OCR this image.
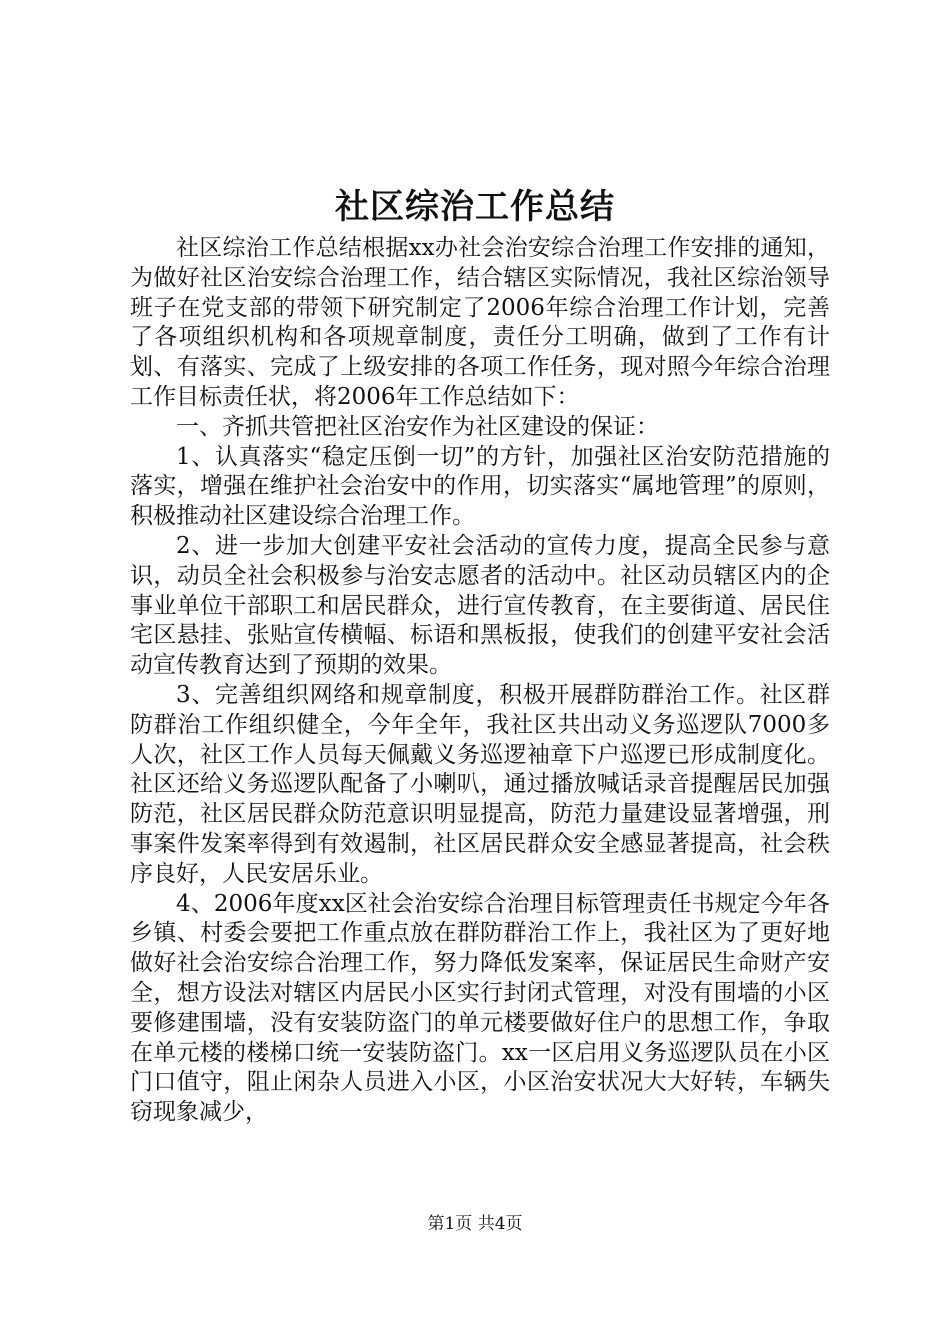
社区综治工作总结

社区综治工作总结根据xx办社会治安综合治理工作安排的通知，为做好社区治安综合治理工作，结合辖区实际情况，我社区综治领导班子在党支部的带领下研究制定了2006年综合治理工作计划，完善了各项组织机构和各项规章制度，责任分工明确，做到了工作有计划、有落实、完成了上级安排的各项工作任务，现对照今年综合治理工作目标责任状，将2006年工作总结如下：

一、齐抓共管把社区治安作为社区建设的保证：

1、认真落实“稳定压倒一切”的方针，加强社区治安防范措施的落实，增强在维护社会治安中的作用，切实落实“属地管理”的原则，积极推动社区建设综合治理工作。

2、进一步加大创建平安社会活动的宣传力度，提高全民参与意识，动员全社会积极参与治安志愿者的活动中。社区动员辖区内的企事业单位干部职工和居民群众，进行宣传教育，在主要街道、居民住宅区悬挂、张贴宣传横幅、标语和黑板报，使我们的创建平安社会活动宣传教育达到了预期的效果。

3、完善组织网络和规章制度，积极开展群防群治工作。社区群防群治工作组织健全，今年全年，我社区共出动义务巡逻队7000多人次，社区工作人员每天佩戴义务巡逻袖章下户巡逻已形成制度化。社区还给义务巡逻队配备了小喇叭，通过播放喊话录音提醒居民加强防范，社区居民群众防范意识明显提高，防范力量建设显著增强，刑事案件发案率得到有效遏制，社区居民群众安全感显著提高，社会秩序良好，人民安居乐业。

4、2006年度xx区社会治安综合治理目标管理责任书规定今年各乡镇、村委会要把工作重点放在群防群治工作上，我社区为了更好地做好社会治安综合治理工作，努力降低发案率，保证居民生命财产安全，想方设法对辖区内居民小区实行封闭式管理，对没有围墙的小区要修建围墙，没有安装防盗门的单元楼要做好住户的思想工作，争取在单元楼的楼梯口统一安装防盗门。xx一区启用义务巡逻队员在小区门口值守，阻止闲杂人员进入小区，小区治安状况大大好转，车辆失窃现象减少，

第1页 共4页
